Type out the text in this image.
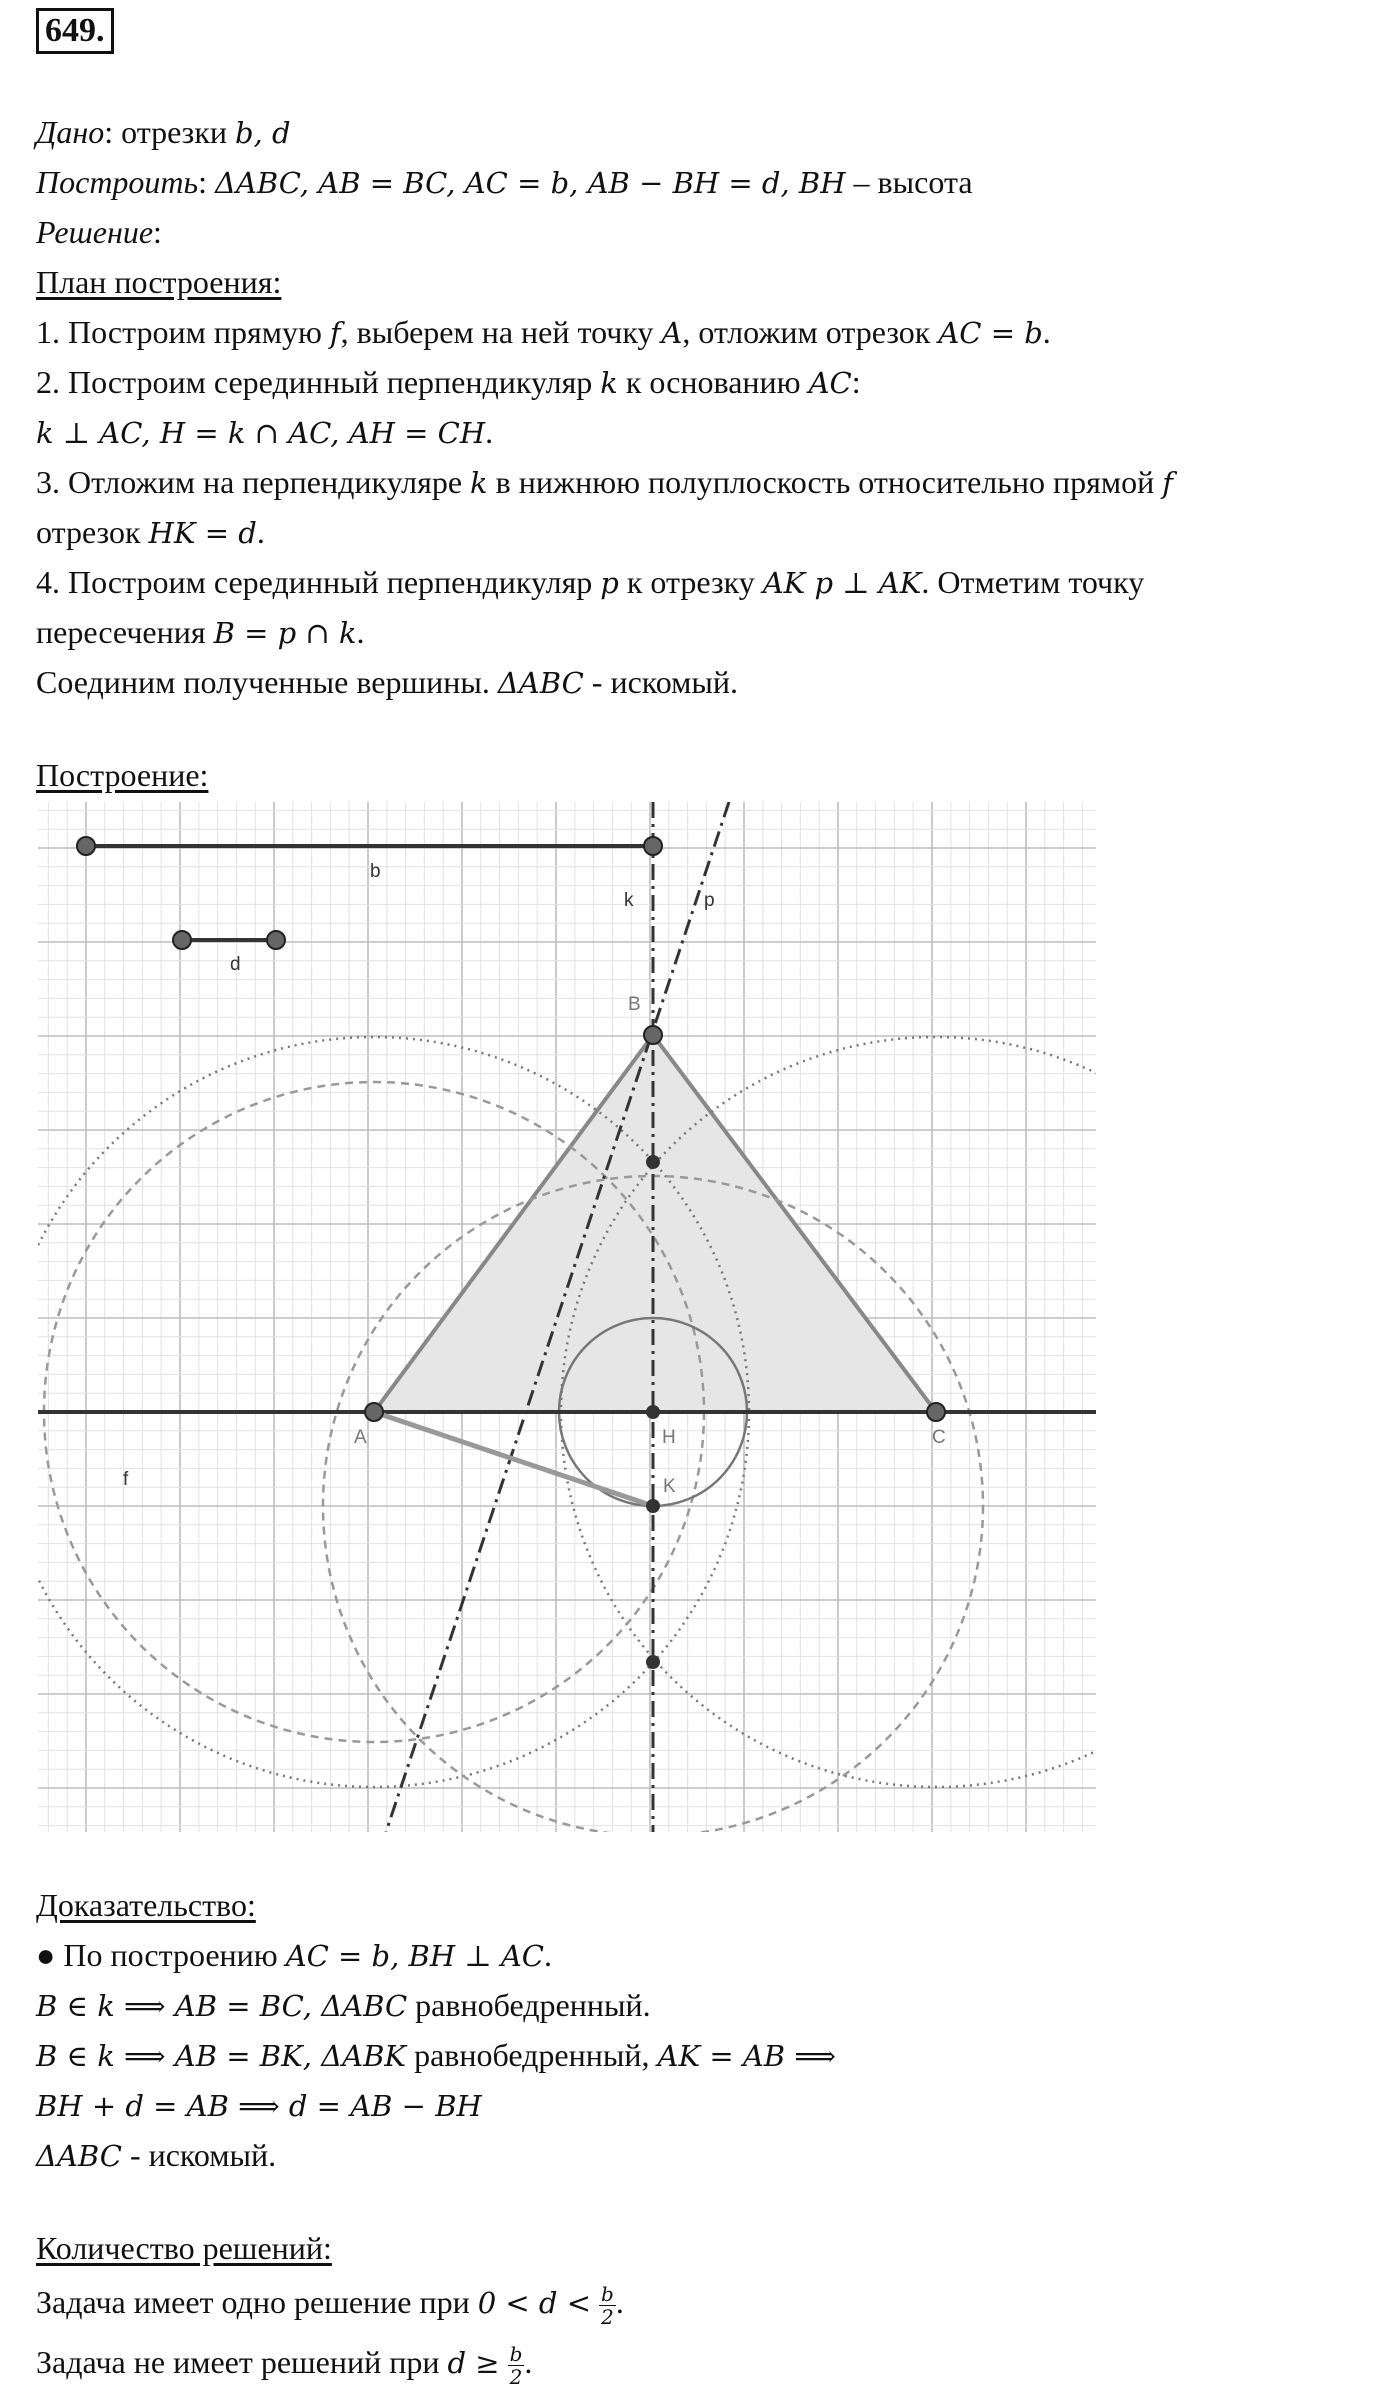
649.
Дано: отрезки b, d
Построить: ΔABC, AB = BC, AC = b, AB − BH = d, BH – высота
Решение:
План построения:
1. Построим прямую f, выберем на ней точку A, отложим отрезок AC = b.
2. Построим серединный перпендикуляр k к основанию AC:
k ⊥ AC, H = k ∩ AC, AH = CH.
3. Отложим на перпендикуляре k в нижнюю полуплоскость относительно прямой f
отрезок HK = d.
4. Построим серединный перпендикуляр p к отрезку AK p ⊥ AK. Отметим точку
пересечения B = p ∩ k.
Соединим полученные вершины. ΔABC - искомый.
Построение:
b
d
k	p
B
A	H	C
K
f
Доказательство:
● По построению AC = b, BH ⊥ AC.
B ∈ k ⟹ AB = BC, ΔABC равнобедренный.
B ∈ k ⟹ AB = BK, ΔABK равнобедренный, AK = AB ⟹
BH + d = AB ⟹ d = AB − BH
ΔABC - искомый.
Количество решений:
Задача имеет одно решение при $0 < d < \frac{b}{2}$ .
Задача не имеет решений при $d \ge \frac{b}{2}$ .
